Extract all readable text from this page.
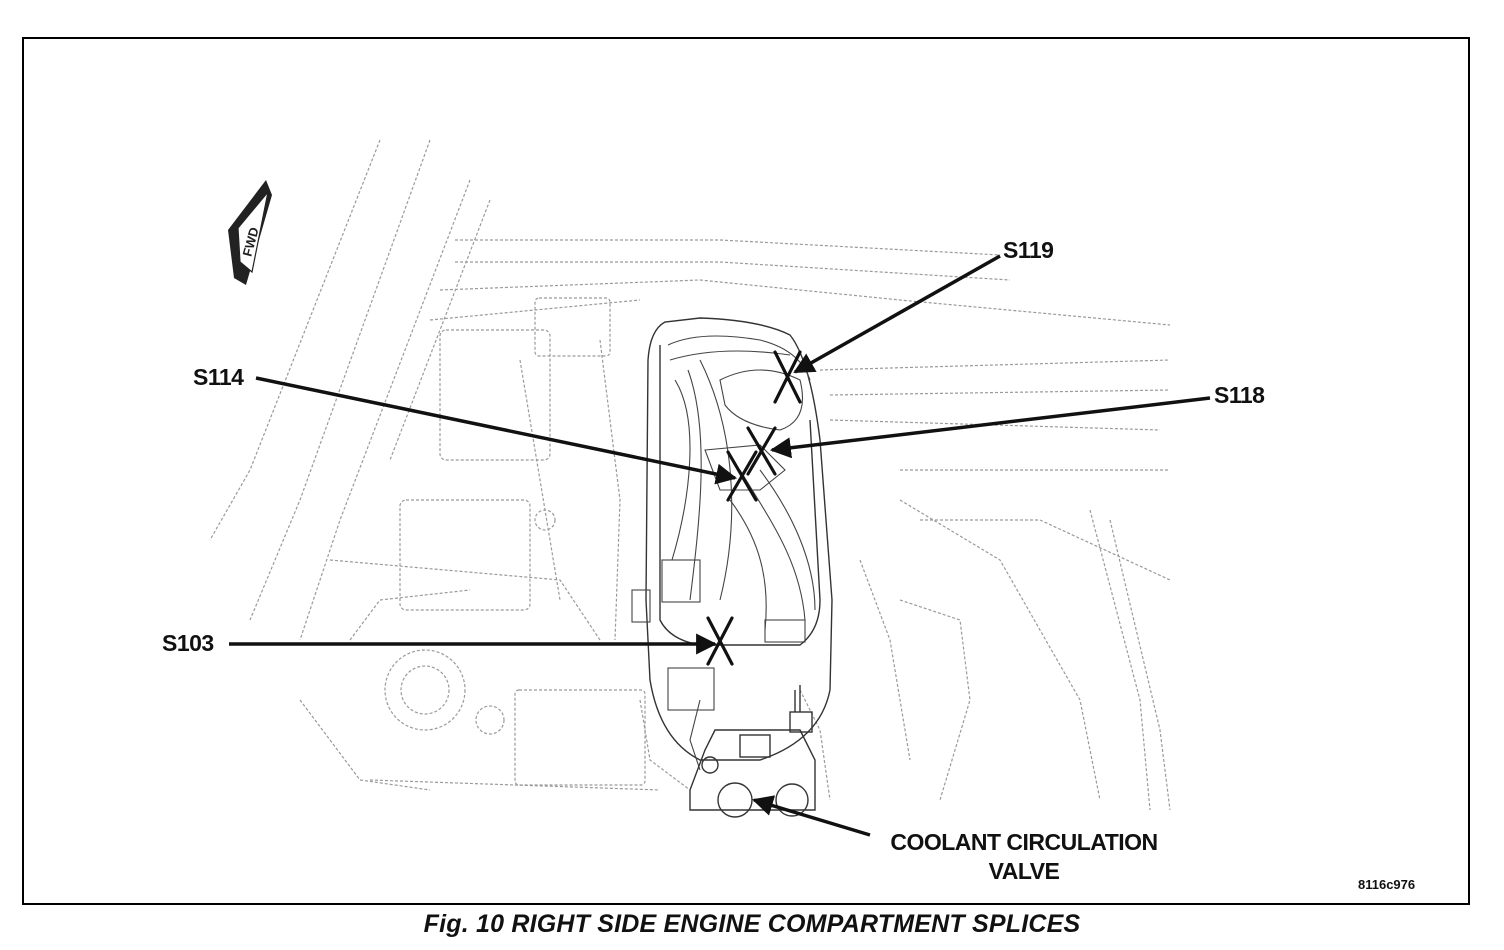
FWD	S119
S114
S118
S103
COOLANT CIRCULATION
VALVE
8116c976
Fig. 10 RIGHT SIDE ENGINE COMPARTMENT SPLICES
